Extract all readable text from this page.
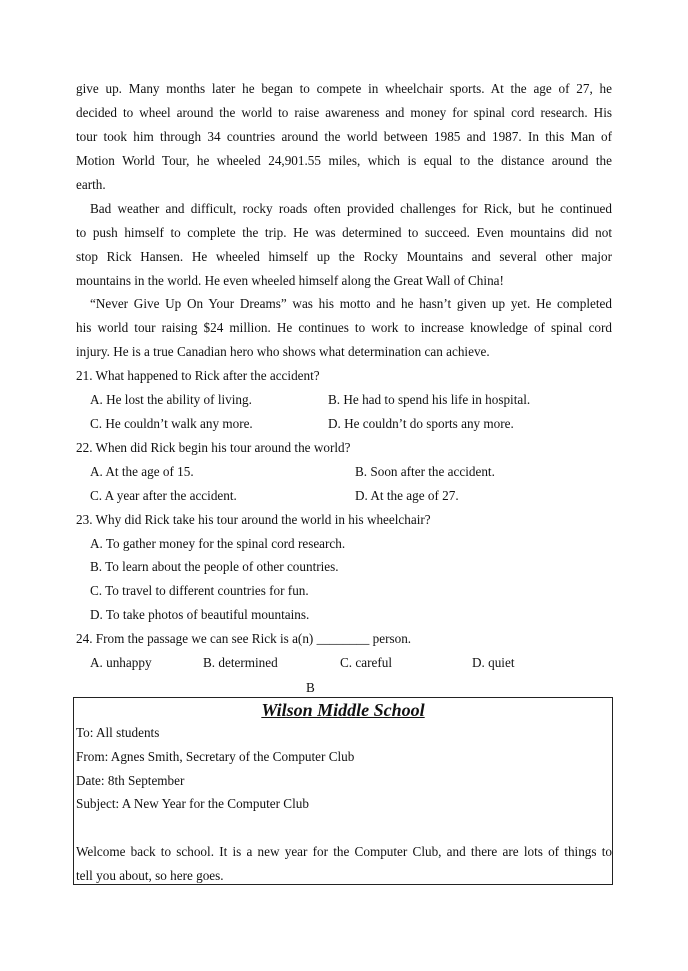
give up. Many months later he began to compete in wheelchair sports. At the age of 27, he
decided to wheel around the world to raise awareness and money for spinal cord research. His
tour took him through 34 countries around the world between 1985 and 1987. In this Man of
Motion World Tour, he wheeled 24,901.55 miles, which is equal to the distance around the
earth.
Bad weather and difficult, rocky roads often provided challenges for Rick, but he continued
to push himself to complete the trip. He was determined to succeed. Even mountains did not
stop Rick Hansen. He wheeled himself up the Rocky Mountains and several other major
mountains in the world. He even wheeled himself along the Great Wall of China!
“Never Give Up On Your Dreams” was his motto and he hasn’t given up yet. He completed
his world tour raising $24 million. He continues to work to increase knowledge of spinal cord
injury. He is a true Canadian hero who shows what determination can achieve.
21. What happened to Rick after the accident?
A. He lost the ability of living.	B. He had to spend his life in hospital.
C. He couldn’t walk any more.	D. He couldn’t do sports any more.
22. When did Rick begin his tour around the world?
A. At the age of 15.	B. Soon after the accident.
C. A year after the accident.	D. At the age of 27.
23. Why did Rick take his tour around the world in his wheelchair?
A. To gather money for the spinal cord research.
B. To learn about the people of other countries.
C. To travel to different countries for fun.
D. To take photos of beautiful mountains.
24. From the passage we can see Rick is a(n) ________ person.
A. unhappy	B. determined	C. careful	D. quiet
B
Wilson Middle School
To: All students
From: Agnes Smith, Secretary of the Computer Club
Date: 8th September
Subject: A New Year for the Computer Club
Welcome back to school. It is a new year for the Computer Club, and there are lots of things to
tell you about, so here goes.
